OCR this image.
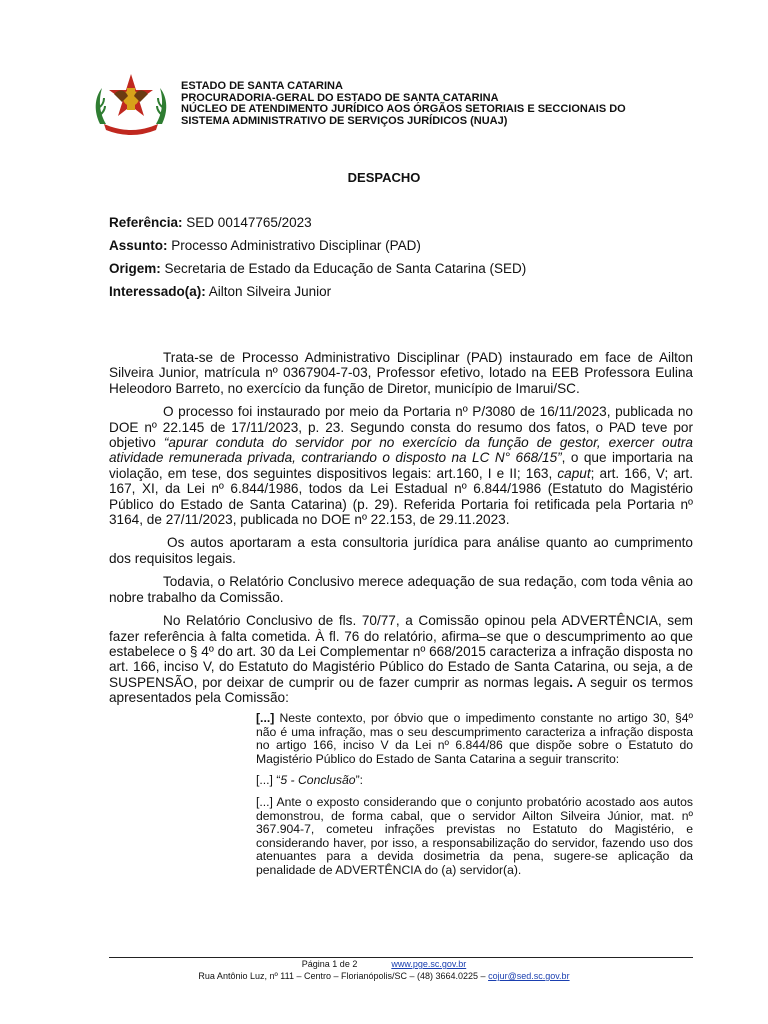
ESTADO DE SANTA CATARINA
PROCURADORIA-GERAL DO ESTADO DE SANTA CATARINA
NÚCLEO DE ATENDIMENTO JURÍDICO AOS ÓRGÃOS SETORIAIS E SECCIONAIS DO
SISTEMA ADMINISTRATIVO DE SERVIÇOS JURÍDICOS (NUAJ)
DESPACHO
Referência: SED 00147765/2023
Assunto: Processo Administrativo Disciplinar (PAD)
Origem: Secretaria de Estado da Educação de Santa Catarina (SED)
Interessado(a): Ailton Silveira Junior

Trata-se de Processo Administrativo Disciplinar (PAD) instaurado em face de Ailton Silveira Junior, matrícula nº 0367904-7-03, Professor efetivo, lotado na EEB Professora Eulina Heleodoro Barreto, no exercício da função de Diretor, município de Imarui/SC.

O processo foi instaurado por meio da Portaria nº P/3080 de 16/11/2023, publicada no DOE nº 22.145 de 17/11/2023, p. 23. Segundo consta do resumo dos fatos, o PAD teve por objetivo “apurar conduta do servidor por no exercício da função de gestor, exercer outra atividade remunerada privada, contrariando o disposto na LC N° 668/15”, o que importaria na violação, em tese, dos seguintes dispositivos legais: art.160, I e II; 163, caput; art. 166, V; art. 167, XI, da Lei nº 6.844/1986, todos da Lei Estadual nº 6.844/1986 (Estatuto do Magistério Público do Estado de Santa Catarina) (p. 29). Referida Portaria foi retificada pela Portaria nº 3164, de 27/11/2023, publicada no DOE nº 22.153, de 29.11.2023.

Os autos aportaram a esta consultoria jurídica para análise quanto ao cumprimento dos requisitos legais.

Todavia, o Relatório Conclusivo merece adequação de sua redação, com toda vênia ao nobre trabalho da Comissão.

No Relatório Conclusivo de fls. 70/77, a Comissão opinou pela ADVERTÊNCIA, sem fazer referência à falta cometida. À fl. 76 do relatório, afirma–se que o descumprimento ao que estabelece o § 4º do art. 30 da Lei Complementar nº 668/2015 caracteriza a infração disposta no art. 166, inciso V, do Estatuto do Magistério Público do Estado de Santa Catarina, ou seja, a de SUSPENSÃO, por deixar de cumprir ou de fazer cumprir as normas legais. A seguir os termos apresentados pela Comissão:

[...] Neste contexto, por óbvio que o impedimento constante no artigo 30, §4º não é uma infração, mas o seu descumprimento caracteriza a infração disposta no artigo 166, inciso V da Lei nº 6.844/86 que dispõe sobre o Estatuto do Magistério Público do Estado de Santa Catarina a seguir transcrito:

[...] “5 - Conclusão”:

[...] Ante o exposto considerando que o conjunto probatório acostado aos autos demonstrou, de forma cabal, que o servidor Ailton Silveira Júnior, mat. nº 367.904-7, cometeu infrações previstas no Estatuto do Magistério, e considerando haver, por isso, a responsabilização do servidor, fazendo uso dos atenuantes para a devida dosimetria da pena, sugere-se aplicação da penalidade de ADVERTÊNCIA do (a) servidor(a).

Página 1 de 2	www.pge.sc.gov.br
Rua Antônio Luz, nº 111 – Centro – Florianópolis/SC – (48) 3664.0225 – cojur@sed.sc.gov.br
